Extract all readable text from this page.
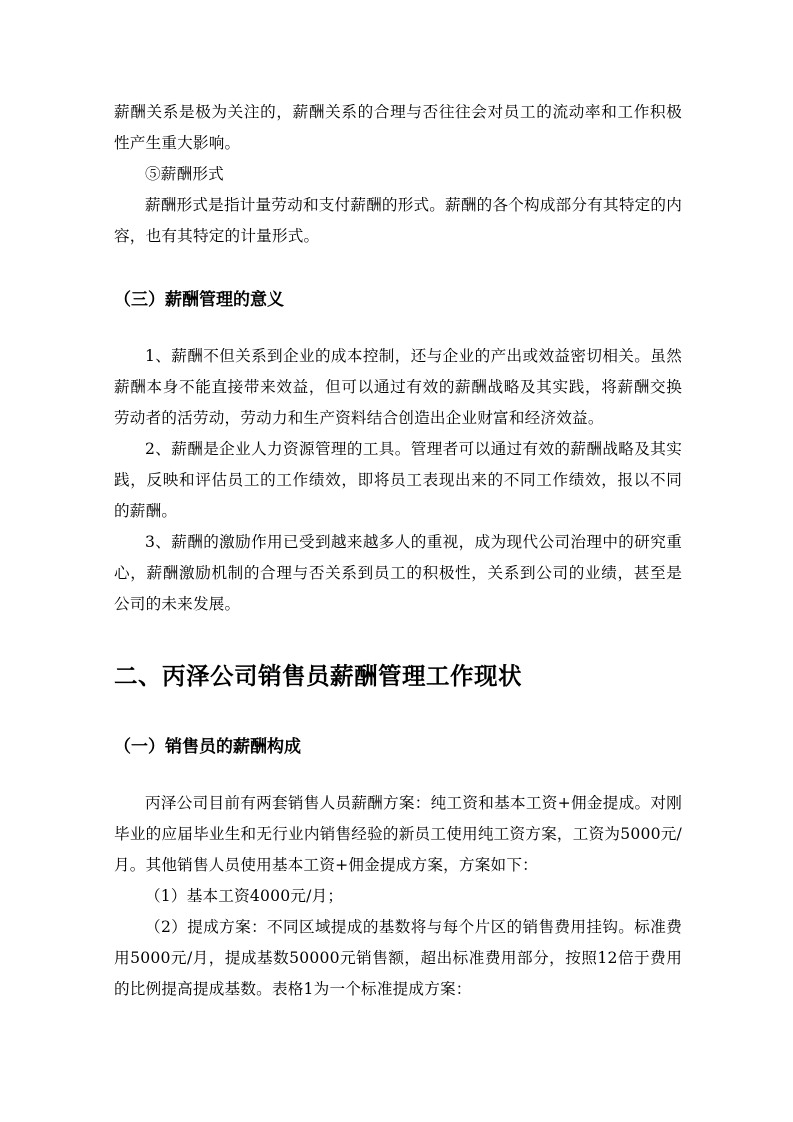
薪酬关系是极为关注的，薪酬关系的合理与否往往会对员工的流动率和工作积极性产生重大影响。

⑤薪酬形式

薪酬形式是指计量劳动和支付薪酬的形式。薪酬的各个构成部分有其特定的内容，也有其特定的计量形式。

（三）薪酬管理的意义

1、薪酬不但关系到企业的成本控制，还与企业的产出或效益密切相关。虽然薪酬本身不能直接带来效益，但可以通过有效的薪酬战略及其实践，将薪酬交换劳动者的活劳动，劳动力和生产资料结合创造出企业财富和经济效益。

2、薪酬是企业人力资源管理的工具。管理者可以通过有效的薪酬战略及其实践，反映和评估员工的工作绩效，即将员工表现出来的不同工作绩效，报以不同的薪酬。

3、薪酬的激励作用已受到越来越多人的重视，成为现代公司治理中的研究重心，薪酬激励机制的合理与否关系到员工的积极性，关系到公司的业绩，甚至是公司的未来发展。

二、丙泽公司销售员薪酬管理工作现状
（一）销售员的薪酬构成

丙泽公司目前有两套销售人员薪酬方案：纯工资和基本工资+佣金提成。对刚毕业的应届毕业生和无行业内销售经验的新员工使用纯工资方案，工资为5000元/月。其他销售人员使用基本工资+佣金提成方案，方案如下：

（1）基本工资4000元/月；

（2）提成方案：不同区域提成的基数将与每个片区的销售费用挂钩。标准费用5000元/月，提成基数50000元销售额，超出标准费用部分，按照12倍于费用的比例提高提成基数。表格1为一个标准提成方案：
